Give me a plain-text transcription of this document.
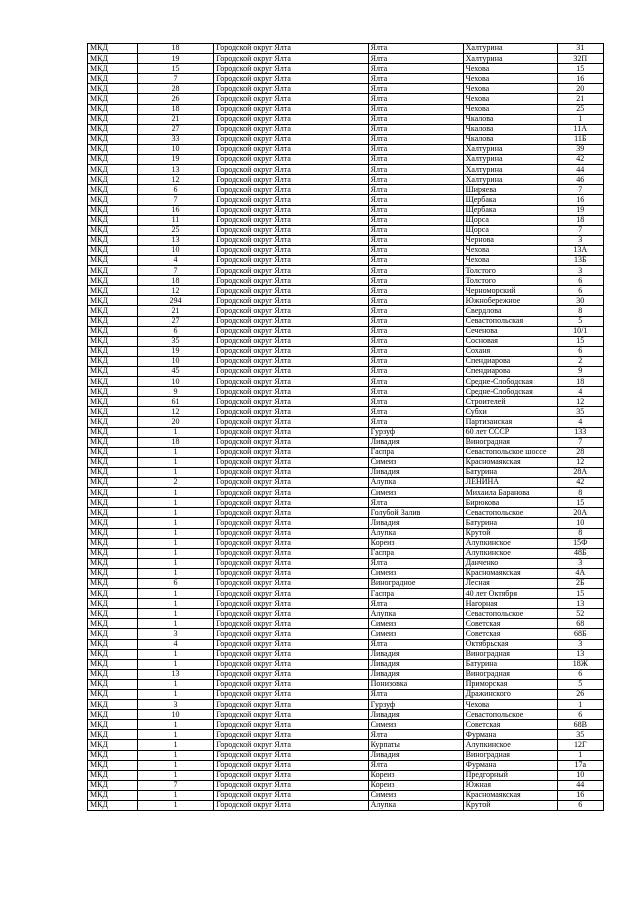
МКД	18	Городской округ Ялта	Ялта	Халтурина	31
МКД	19	Городской округ Ялта	Ялта	Халтурина	32П
МКД	15	Городской округ Ялта	Ялта	Чехова	15
МКД	7	Городской округ Ялта	Ялта	Чехова	16
МКД	28	Городской округ Ялта	Ялта	Чехова	20
МКД	26	Городской округ Ялта	Ялта	Чехова	21
МКД	18	Городской округ Ялта	Ялта	Чехова	25
МКД	21	Городской округ Ялта	Ялта	Чкалова	1
МКД	27	Городской округ Ялта	Ялта	Чкалова	11А
МКД	33	Городской округ Ялта	Ялта	Чкалова	11Б
МКД	10	Городской округ Ялта	Ялта	Халтурина	39
МКД	19	Городской округ Ялта	Ялта	Халтурина	42
МКД	13	Городской округ Ялта	Ялта	Халтурина	44
МКД	12	Городской округ Ялта	Ялта	Халтурина	46
МКД	6	Городской округ Ялта	Ялта	Ширяева	7
МКД	7	Городской округ Ялта	Ялта	Щербака	16
МКД	16	Городской округ Ялта	Ялта	Щербака	19
МКД	11	Городской округ Ялта	Ялта	Щорса	18
МКД	25	Городской округ Ялта	Ялта	Щорса	7
МКД	13	Городской округ Ялта	Ялта	Чернова	3
МКД	10	Городской округ Ялта	Ялта	Чехова	13А
МКД	4	Городской округ Ялта	Ялта	Чехова	13Б
МКД	7	Городской округ Ялта	Ялта	Толстого	3
МКД	18	Городской округ Ялта	Ялта	Толстого	6
МКД	12	Городской округ Ялта	Ялта	Черноморский	6
МКД	294	Городской округ Ялта	Ялта	Южнобережное	30
МКД	21	Городской округ Ялта	Ялта	Свердлова	8
МКД	27	Городской округ Ялта	Ялта	Севастопольская	5
МКД	6	Городской округ Ялта	Ялта	Сеченова	10/1
МКД	35	Городской округ Ялта	Ялта	Сосновая	15
МКД	19	Городской округ Ялта	Ялта	Соханя	6
МКД	10	Городской округ Ялта	Ялта	Спендиарова	2
МКД	45	Городской округ Ялта	Ялта	Спендиарова	9
МКД	10	Городской округ Ялта	Ялта	Средне-Слободская	18
МКД	9	Городской округ Ялта	Ялта	Средне-Слободская	4
МКД	61	Городской округ Ялта	Ялта	Строителей	12
МКД	12	Городской округ Ялта	Ялта	Субхи	35
МКД	20	Городской округ Ялта	Ялта	Партизанская	4
МКД	1	Городской округ Ялта	Гурзуф	60 лет СССР	133
МКД	18	Городской округ Ялта	Ливадия	Виноградная	7
МКД	1	Городской округ Ялта	Гаспра	Севастопольское шоссе	28
МКД	1	Городской округ Ялта	Симеиз	Красномаякская	12
МКД	1	Городской округ Ялта	Ливадия	Батурина	28А
МКД	2	Городской округ Ялта	Алупка	ЛЕНИНА	42
МКД	1	Городской округ Ялта	Симеиз	Михаила Баранова	8
МКД	1	Городской округ Ялта	Ялта	Бирюкова	15
МКД	1	Городской округ Ялта	Голубой Залив	Севастопольское	20А
МКД	1	Городской округ Ялта	Ливадия	Батурина	10
МКД	1	Городской округ Ялта	Алупка	Крутой	8
МКД	1	Городской округ Ялта	Кореиз	Алупкинское	15Ф
МКД	1	Городской округ Ялта	Гаспра	Алупкинское	48Б
МКД	1	Городской округ Ялта	Ялта	Данченко	3
МКД	1	Городской округ Ялта	Симеиз	Красномаякская	4А
МКД	6	Городской округ Ялта	Виноградное	Лесная	2Б
МКД	1	Городской округ Ялта	Гаспра	40 лет Октября	15
МКД	1	Городской округ Ялта	Ялта	Нагорная	13
МКД	1	Городской округ Ялта	Алупка	Севастопольское	52
МКД	1	Городской округ Ялта	Симеиз	Советская	68
МКД	3	Городской округ Ялта	Симеиз	Советская	68Б
МКД	4	Городской округ Ялта	Ялта	Октябрьская	3
МКД	1	Городской округ Ялта	Ливадия	Виноградная	13
МКД	1	Городской округ Ялта	Ливадия	Батурина	18Ж
МКД	13	Городской округ Ялта	Ливадия	Виноградная	6
МКД	1	Городской округ Ялта	Понизовка	Приморская	5
МКД	1	Городской округ Ялта	Ялта	Дражинского	26
МКД	3	Городской округ Ялта	Гурзуф	Чехова	1
МКД	10	Городской округ Ялта	Ливадия	Севастопольское	6
МКД	1	Городской округ Ялта	Симеиз	Советская	68В
МКД	1	Городской округ Ялта	Ялта	Фурмана	35
МКД	1	Городской округ Ялта	Курпаты	Алупкинское	12Г
МКД	1	Городской округ Ялта	Ливадия	Виноградная	1
МКД	1	Городской округ Ялта	Ялта	Фурмана	17а
МКД	1	Городской округ Ялта	Кореиз	Предгорный	10
МКД	7	Городской округ Ялта	Кореиз	Южная	44
МКД	1	Городской округ Ялта	Симеиз	Красномаякская	16
МКД	1	Городской округ Ялта	Алупка	Крутой	6
